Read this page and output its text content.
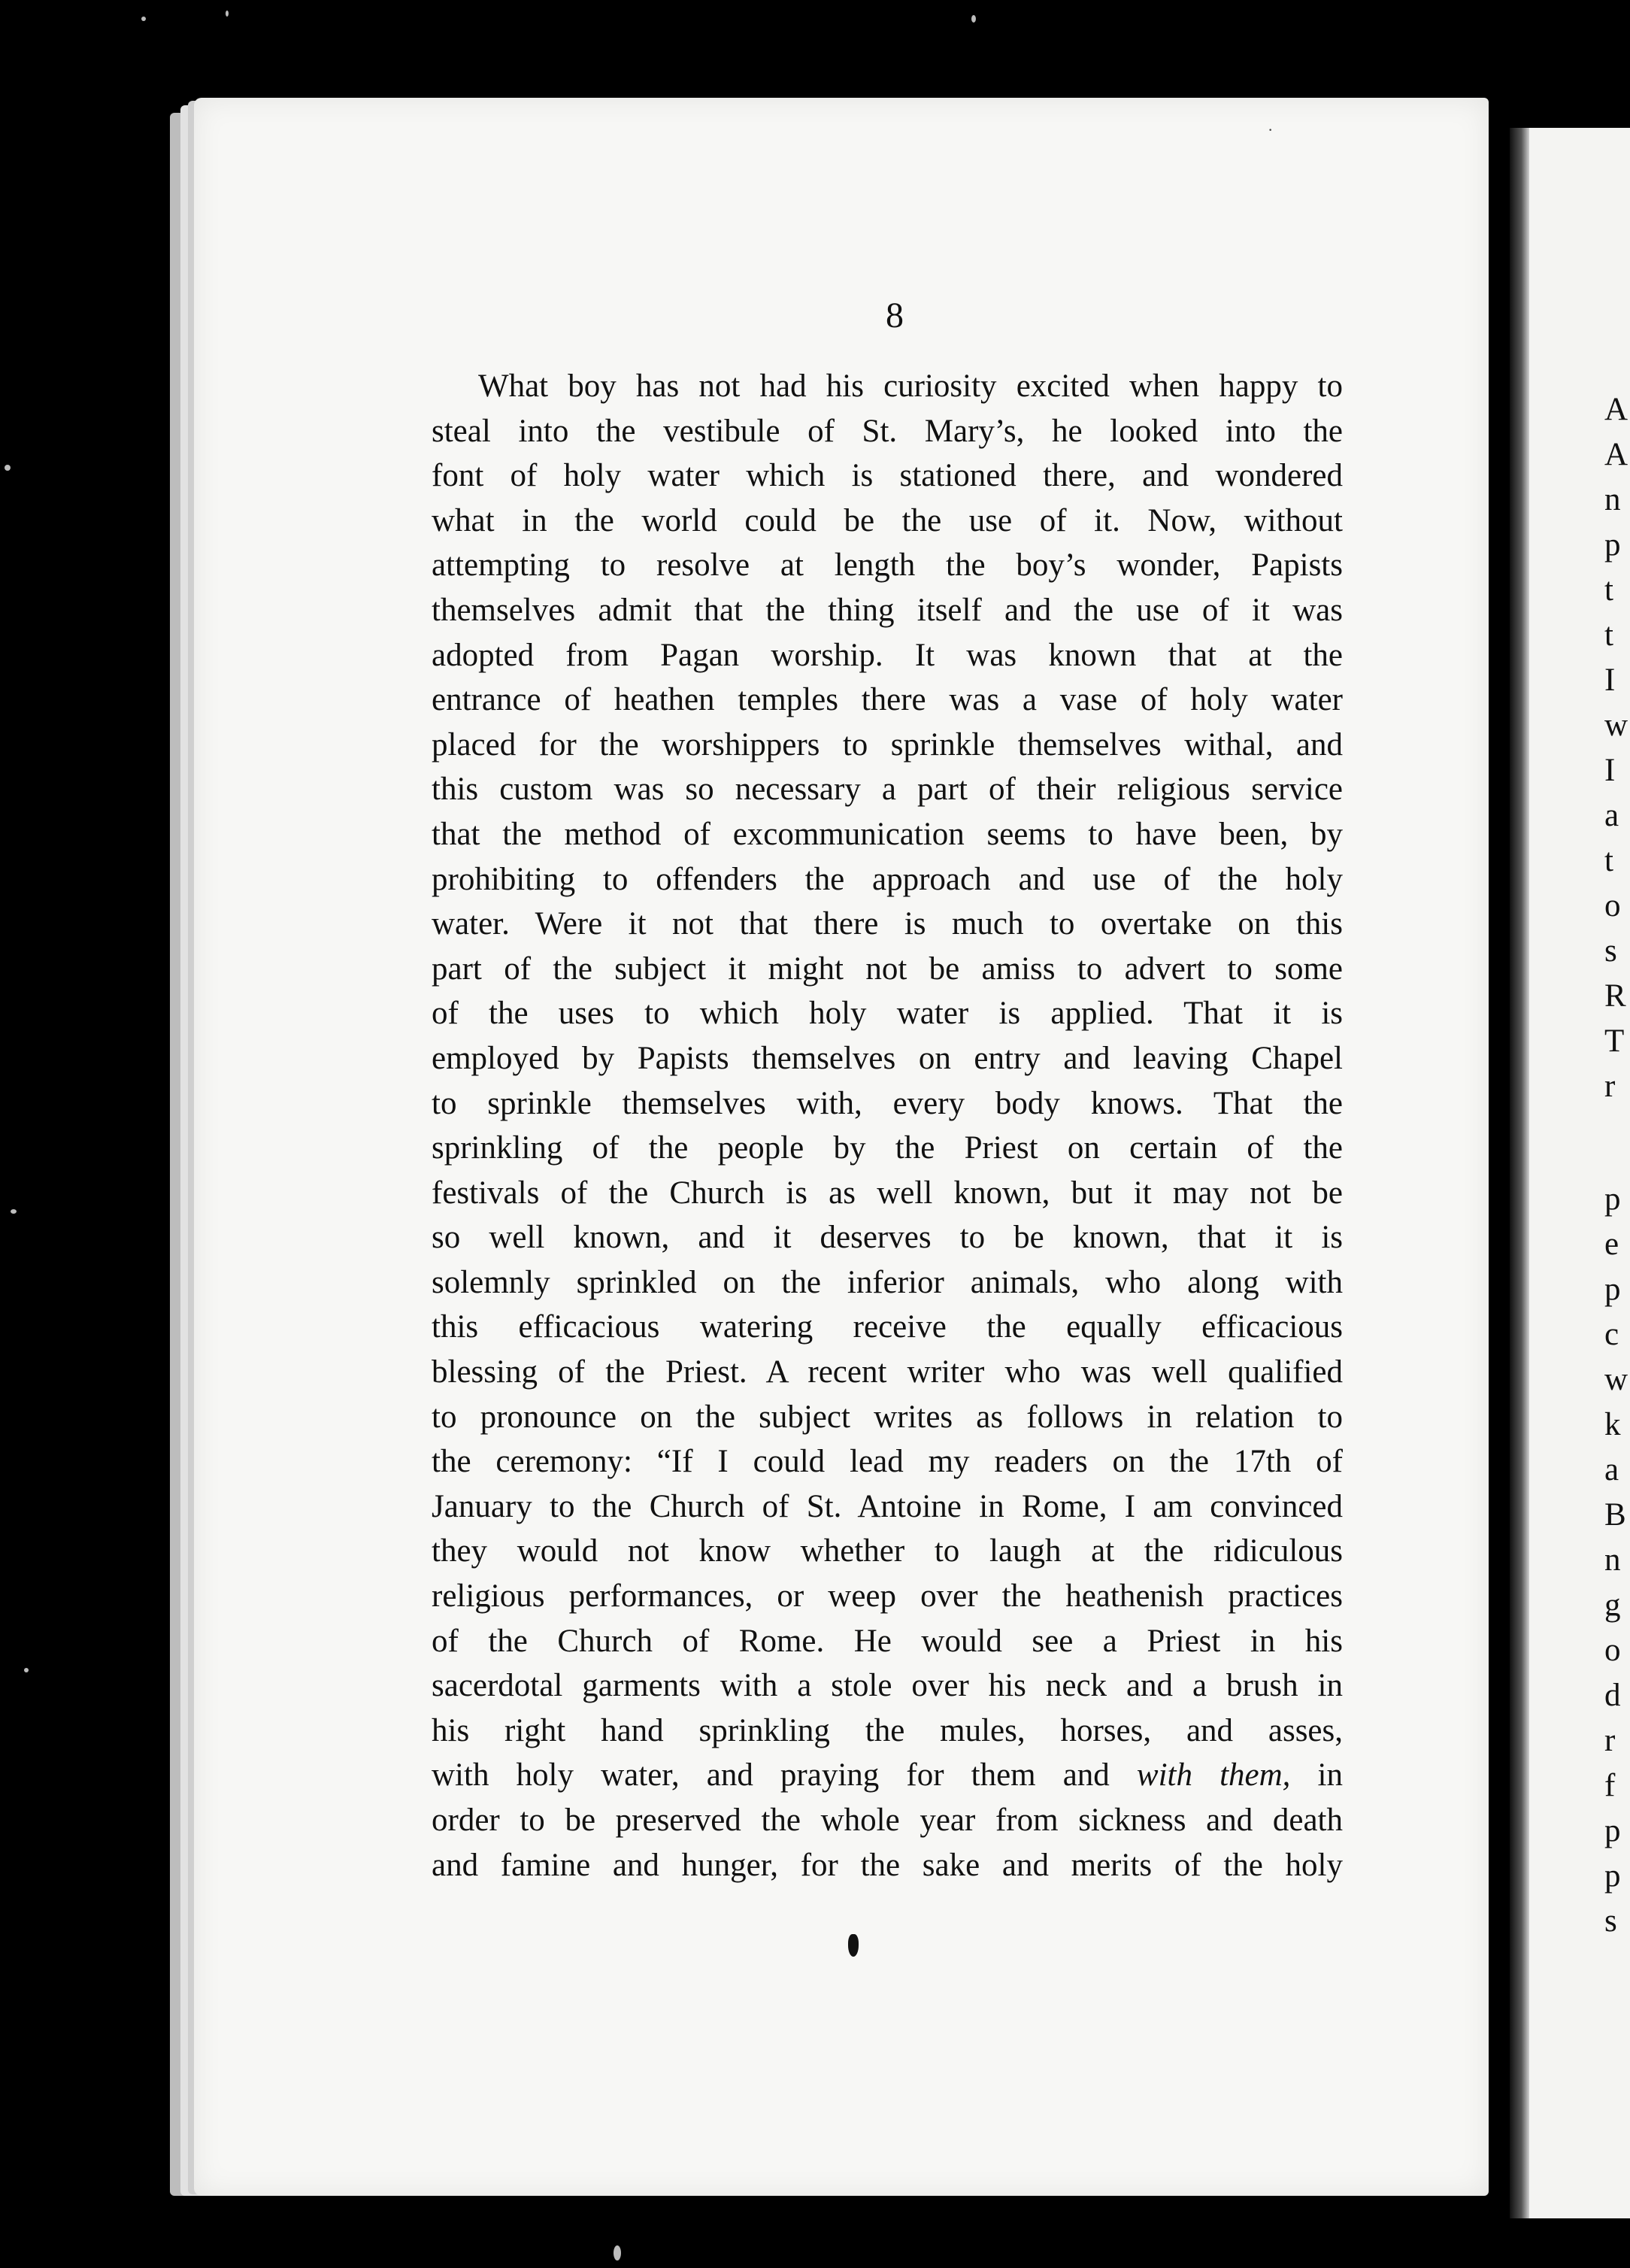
·
8
What boy has not had his curiosity excited when happy to
steal into the vestibule of St. Mary’s, he looked into the
font of holy water which is stationed there, and wondered
what in the world could be the use of it. Now, without
attempting to resolve at length the boy’s wonder, Papists
themselves admit that the thing itself and the use of it was
adopted from Pagan worship. It was known that at the
entrance of heathen temples there was a vase of holy water
placed for the worshippers to sprinkle themselves withal, and
this custom was so necessary a part of their religious service
that the method of excommunication seems to have been, by
prohibiting to offenders the approach and use of the holy
water. Were it not that there is much to overtake on this
part of the subject it might not be amiss to advert to some
of the uses to which holy water is applied. That it is
employed by Papists themselves on entry and leaving Chapel
to sprinkle themselves with, every body knows. That the
sprinkling of the people by the Priest on certain of the
festivals of the Church is as well known, but it may not be
so well known, and it deserves to be known, that it is
solemnly sprinkled on the inferior animals, who along with
this efficacious watering receive the equally efficacious
blessing of the Priest. A recent writer who was well qualified
to pronounce on the subject writes as follows in relation to
the ceremony: “If I could lead my readers on the 17th of
January to the Church of St. Antoine in Rome, I am convinced
they would not know whether to laugh at the ridiculous
religious performances, or weep over the heathenish practices
of the Church of Rome. He would see a Priest in his
sacerdotal garments with a stole over his neck and a brush in
his right hand sprinkling the mules, horses, and asses,
with holy water, and praying for them and with them, in
order to be preserved the whole year from sickness and death
and famine and hunger, for the sake and merits of the holy
A
A
n
p
t
t
I
w
I
a
t
o
s
R
T
r
p
e
p
c
w
k
a
B
n
g
o
d
r
f
p
p
s
